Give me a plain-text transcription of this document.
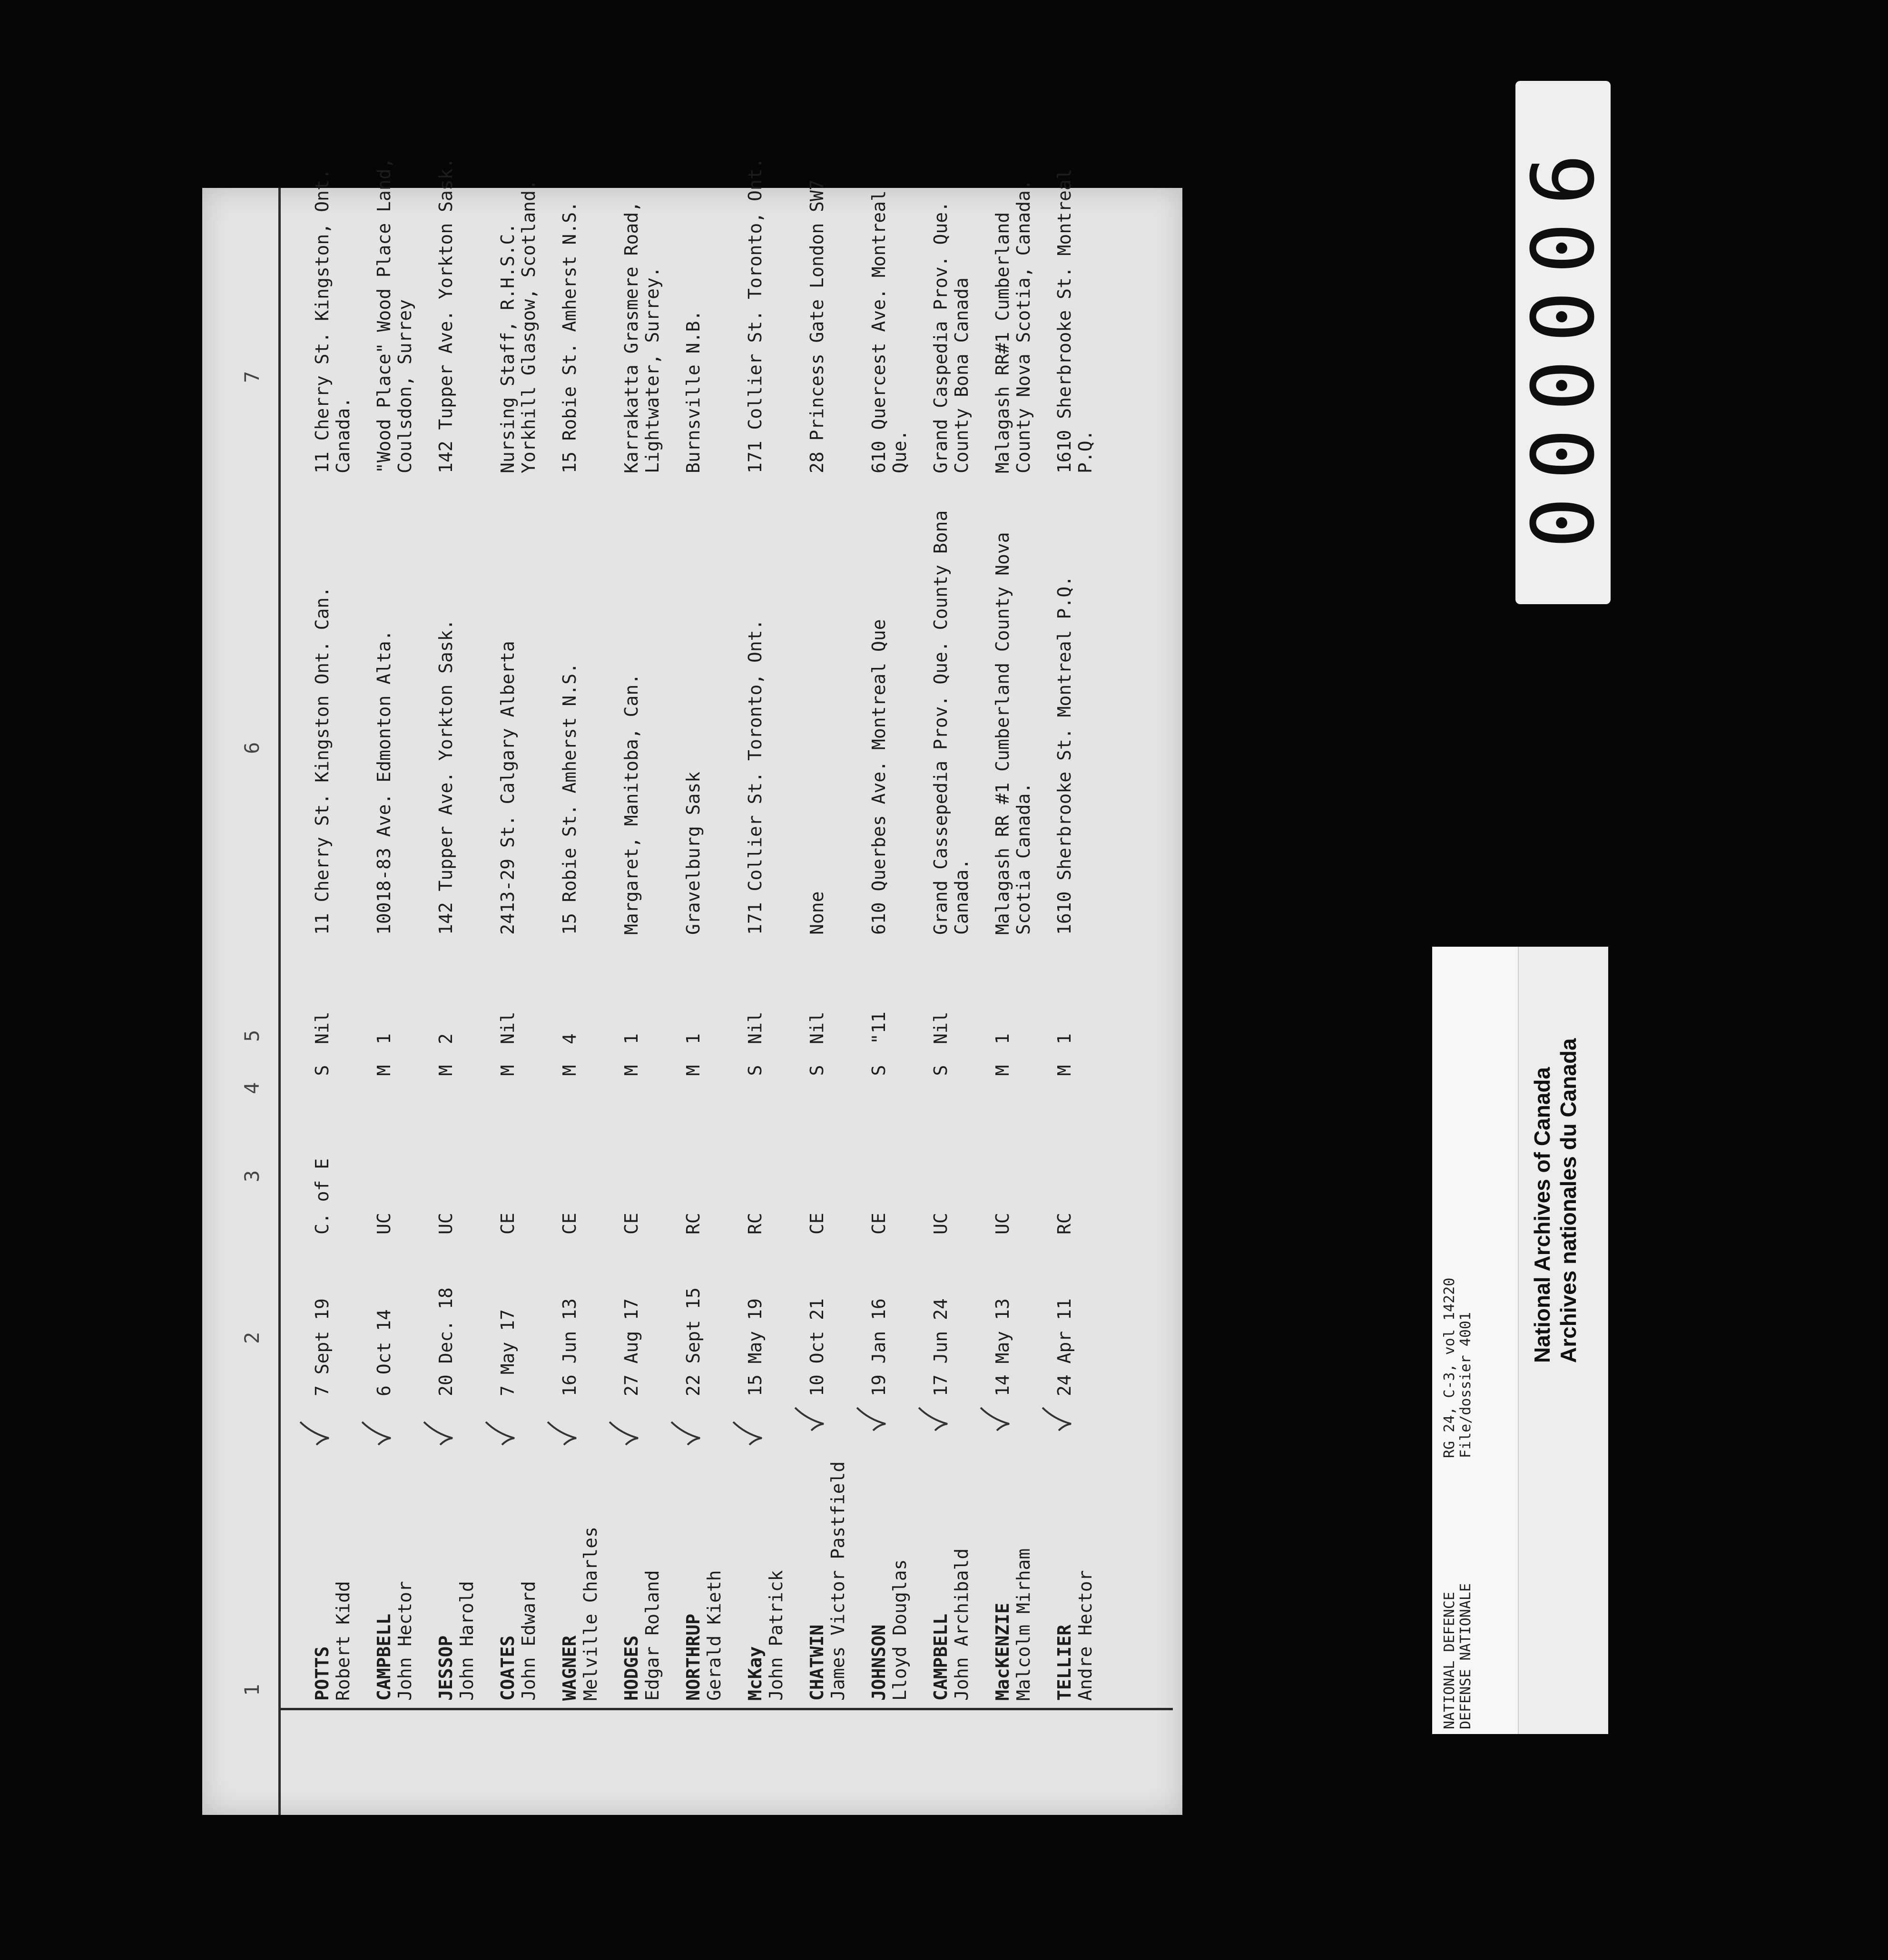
1
2
3
4
5
6
7
POTTS Robert Kidd
7 Sept 19
C. of E
S
Nil
11 Cherry St. Kingston Ont. Can.
11 Cherry St. Kingston, Ont. Canada.
CAMPBELL John Hector
6 Oct 14
UC
M
1
10018-83 Ave. Edmonton Alta.
"Wood Place" Wood Place Land, Coulsdon, Surrey
JESSOP John Harold
20 Dec. 18
UC
M
2
142 Tupper Ave. Yorkton Sask.
142 Tupper Ave. Yorkton Sask.
COATES John Edward
7 May 17
CE
M
Nil
2413-29 St. Calgary Alberta
Nursing Staff, R.H.S.C. Yorkhill Glasgow, Scotland.
WAGNER Melville Charles
16 Jun 13
CE
M
4
15 Robie St. Amherst N.S.
15 Robie St. Amherst N.S.
HODGES Edgar Roland
27 Aug 17
CE
M
1
Margaret, Manitoba, Can.
Karrakatta Grasmere Road, Lightwater, Surrey.
NORTHRUP Gerald Kieth
22 Sept 15
RC
M
1
Gravelburg Sask
Burnsville N.B.
McKay John Patrick
15 May 19
RC
S
Nil
171 Collier St. Toronto, Ont.
171 Collier St. Toronto, Ont.
CHATWIN James Victor Pastfield
10 Oct 21
CE
S
Nil
None
28 Princess Gate London SW7
JOHNSON Lloyd Douglas
19 Jan 16
CE
S
"11
610 Querbes Ave. Montreal Que
610 Quercest Ave. Montreal Que.
CAMPBELL John Archibald
17 Jun 24
UC
S
Nil
Grand Cassepedia Prov. Que. County Bona Canada.
Grand Caspedia Prov. Que. County Bona Canada
MacKENZIE Malcolm Mirham
14 May 13
UC
M
1
Malagash RR #1 Cumberland County Nova Scotia Canada.
Malagash RR#1 Cumberland County Nova Scotia, Canada.
TELLIER Andre Hector
24 Apr 11
RC
M
1
1610 Sherbrooke St. Montreal P.Q.
1610 Sherbrooke St. Montreal P.Q.
NATIONAL DEFENCE DEFENSE NATIONALE
RG 24, C-3, vol 14220 File/dossier 4001
National Archives of Canada Archives nationales du Canada
000006
